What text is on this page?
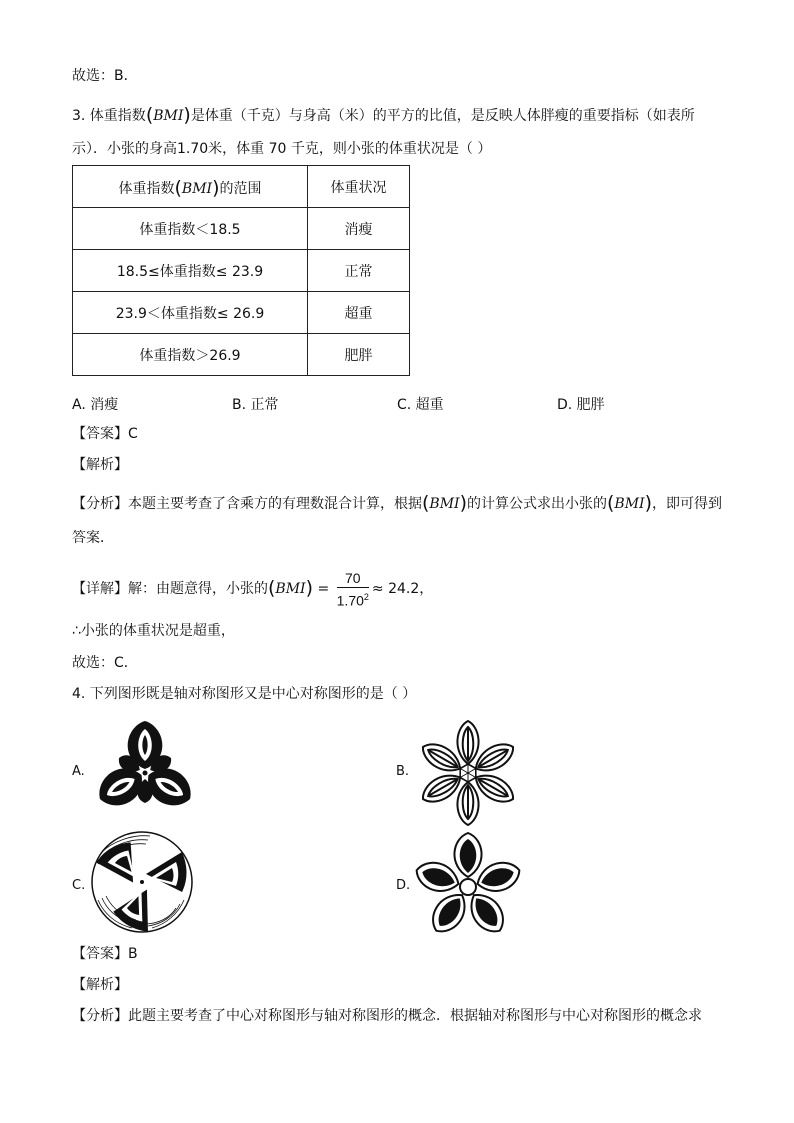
故选：B．
3. 体重指数(BMI)是体重（千克）与身高（米）的平方的比值，是反映人体胖瘦的重要指标（如表所
示）．小张的身高1.70米，体重 70 千克，则小张的体重状况是（ ）
体重指数(BMI)的范围	体重状况
体重指数＜18.5	消瘦
18.5≤体重指数≤ 23.9	正常
23.9＜体重指数≤ 26.9	超重
体重指数＞26.9	肥胖
A. 消瘦	B. 正常	C. 超重	D. 肥胖
【答案】C
【解析】
【分析】本题主要考查了含乘方的有理数混合计算，根据(BMI)的计算公式求出小张的(BMI)，即可得到
答案．
【详解】解：由题意得，小张的$(BMI) = \frac{70}{1.70^2} \approx 24.2$，
∴小张的体重状况是超重，
故选：C．
4. 下列图形既是轴对称图形又是中心对称图形的是（ ）
A.	B.
C.	D.
【答案】B
【解析】
【分析】此题主要考查了中心对称图形与轴对称图形的概念．根据轴对称图形与中心对称图形的概念求
